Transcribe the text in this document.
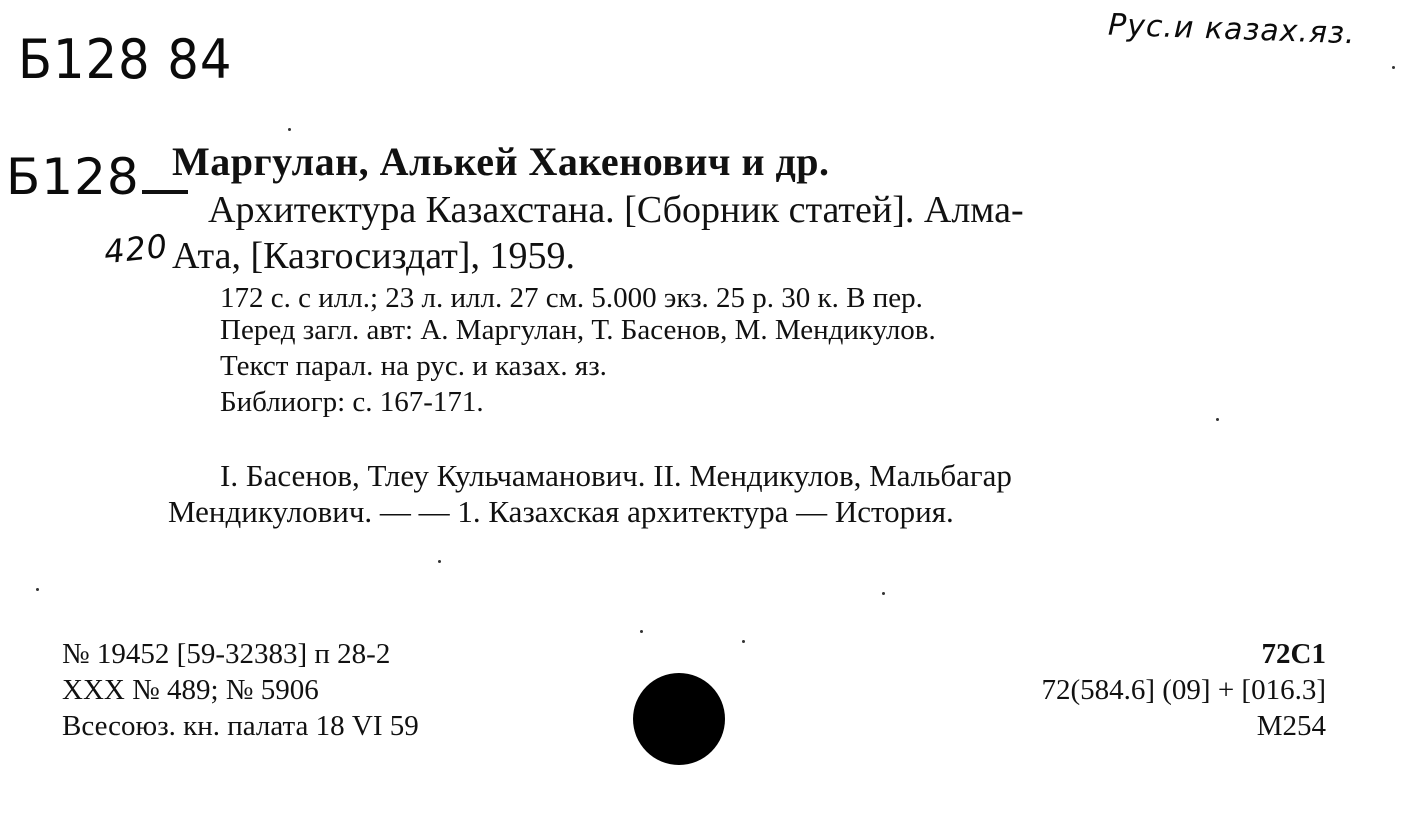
Б128 84	Рус.и казах.яз.
Б128
420
Маргулан, Алькей Хакенович и др.
Архитектура Казахстана. [Сборник статей]. Алма-
Ата, [Казгосиздат], 1959.
172 с. с илл.; 23 л. илл. 27 см. 5.000 экз. 25 р. 30 к. В пер.
Перед загл. авт: А. Маргулан, Т. Басенов, М. Мендикулов.
Текст парал. на рус. и казах. яз.
Библиогр: с. 167-171.
I. Басенов, Тлеу Кульчаманович. II. Мендикулов, Мальбагар
Мендикулович. — — 1. Казахская архитектура — История.
№ 19452 [59-32383] п 28-2
XXX № 489; № 5906
Всесоюз. кн. палата 18 VI 59
72С1
72(584.6] (09] + [016.3]
М254
